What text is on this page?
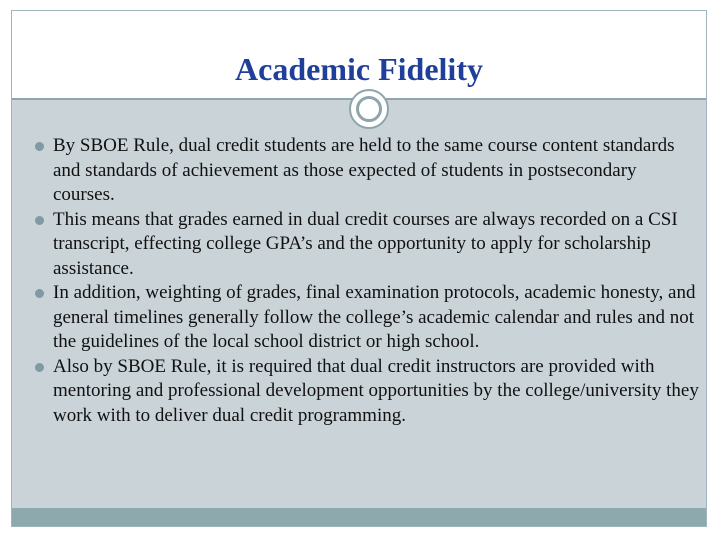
Academic Fidelity
By SBOE Rule, dual credit students are held to the same course content standards and standards of achievement as those expected of students in postsecondary courses.
This means that grades earned in dual credit courses are always recorded on a CSI transcript, effecting college GPA’s and the opportunity to apply for scholarship assistance.
In addition, weighting of grades, final examination protocols, academic honesty, and general timelines generally follow the college’s academic calendar and rules and not the guidelines of the local school district or high school.
Also by SBOE Rule, it is required that dual credit instructors are provided with mentoring and professional development opportunities by the college/university they work with to deliver dual credit programming.
